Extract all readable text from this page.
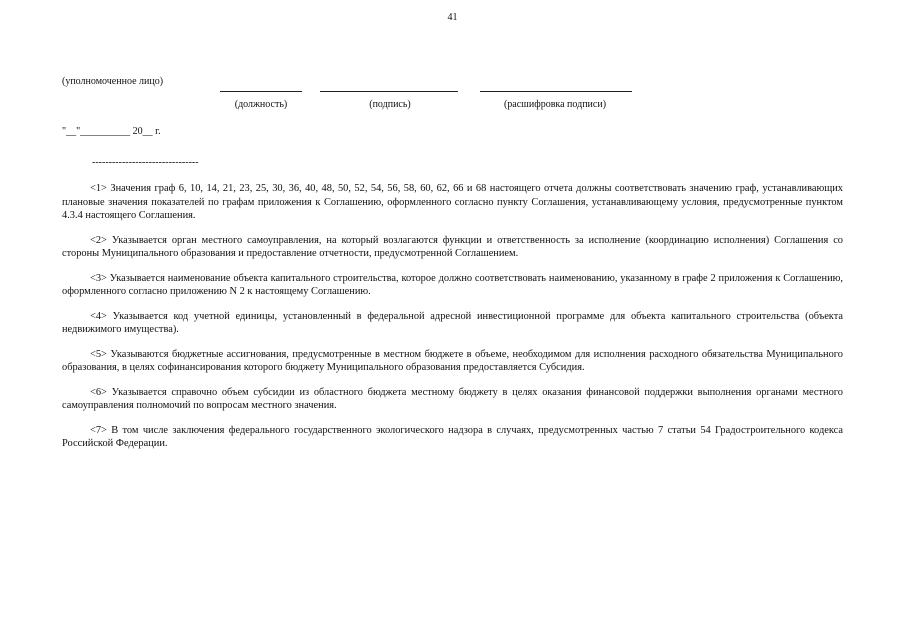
41
(уполномоченное лицо)
(должность)	(подпись)	(расшифровка подписи)
"__"__________ 20__ г.
--------------------------------

<1> Значения граф 6, 10, 14, 21, 23, 25, 30, 36, 40, 48, 50, 52, 54, 56, 58, 60, 62, 66 и 68 настоящего отчета должны соответствовать значению граф, устанавливающих плановые значения показателей по графам приложения к Соглашению, оформленного согласно пункту Соглашения, устанавливающему условия, предусмотренные пунктом 4.3.4 настоящего Соглашения.

<2> Указывается орган местного самоуправления, на который возлагаются функции и ответственность за исполнение (координацию исполнения) Соглашения со стороны Муниципального образования и предоставление отчетности, предусмотренной Соглашением.

<3> Указывается наименование объекта капитального строительства, которое должно соответствовать наименованию, указанному в графе 2 приложения к Соглашению, оформленного согласно приложению N 2 к настоящему Соглашению.

<4> Указывается код учетной единицы, установленный в федеральной адресной инвестиционной программе для объекта капитального строительства (объекта недвижимого имущества).

<5> Указываются бюджетные ассигнования, предусмотренные в местном бюджете в объеме, необходимом для исполнения расходного обязательства Муниципального образования, в целях софинансирования которого бюджету Муниципального образования предоставляется Субсидия.

<6> Указывается справочно объем субсидии из областного бюджета местному бюджету в целях оказания финансовой поддержки выполнения органами местного самоуправления полномочий по вопросам местного значения.

<7> В том числе заключения федерального государственного экологического надзора в случаях, предусмотренных частью 7 статьи 54 Градостроительного кодекса Российской Федерации.
